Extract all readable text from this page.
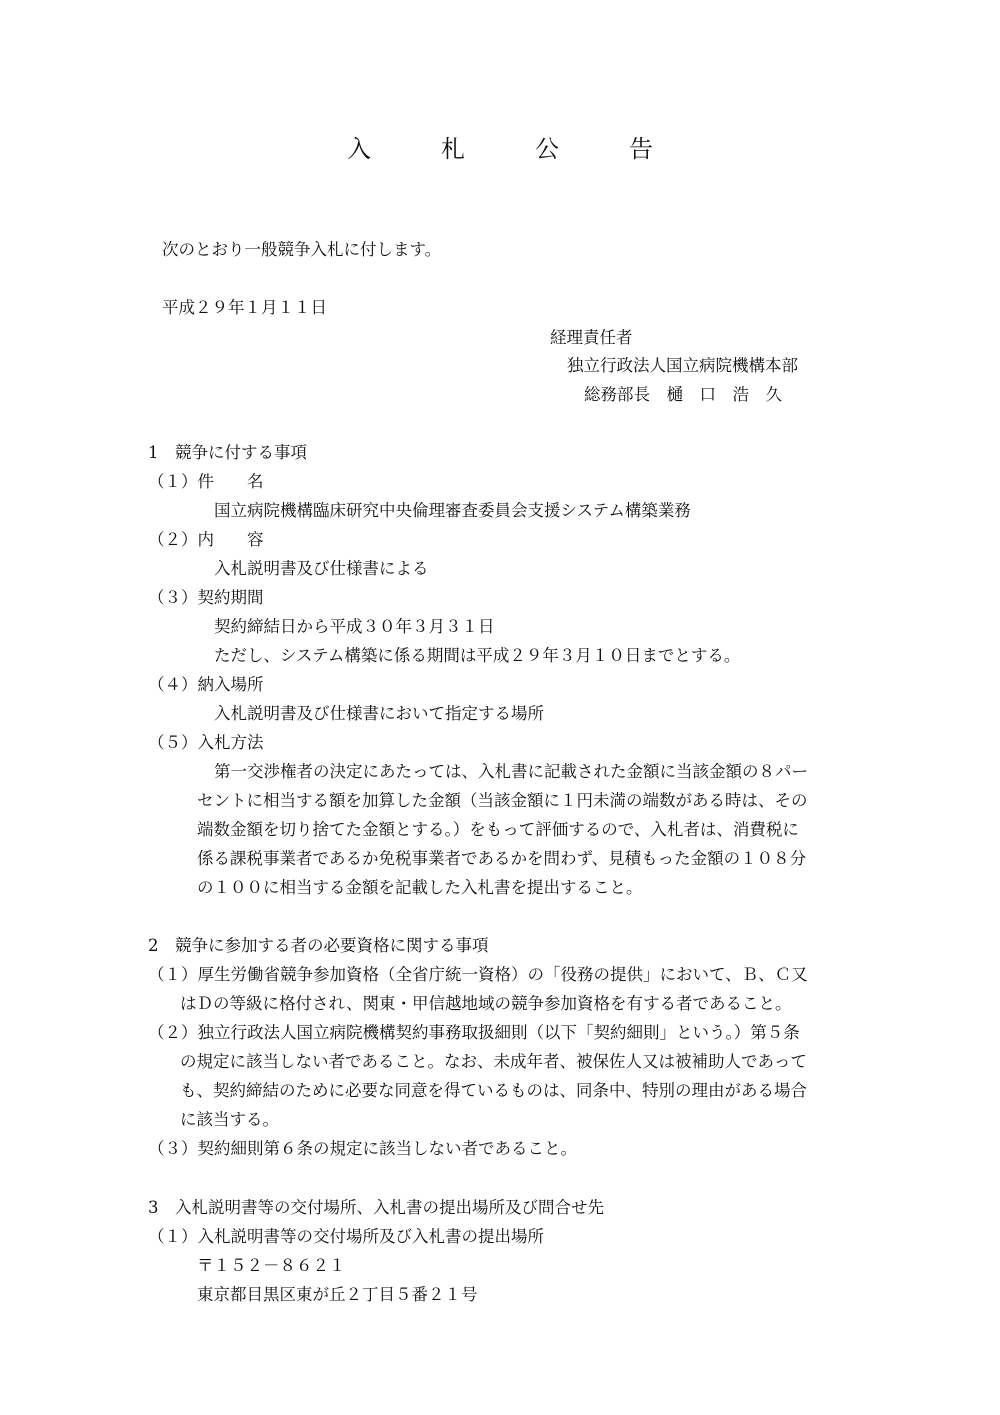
入　札　公　告
次のとおり一般競争入札に付します。
平成２９年１月１１日
経理責任者
独立行政法人国立病院機構本部
総務部長　樋　口　浩　久
1　競争に付する事項
（１）件　　名
国立病院機構臨床研究中央倫理審査委員会支援システム構築業務
（２）内　　容
入札説明書及び仕様書による
（３）契約期間
契約締結日から平成３０年３月３１日
ただし、システム構築に係る期間は平成２９年３月１０日までとする。
（４）納入場所
入札説明書及び仕様書において指定する場所
（５）入札方法
第一交渉権者の決定にあたっては、入札書に記載された金額に当該金額の８パー
セントに相当する額を加算した金額（当該金額に１円未満の端数がある時は、その
端数金額を切り捨てた金額とする。）をもって評価するので、入札者は、消費税に
係る課税事業者であるか免税事業者であるかを問わず、見積もった金額の１０８分
の１００に相当する金額を記載した入札書を提出すること。
2　競争に参加する者の必要資格に関する事項
（１）厚生労働省競争参加資格（全省庁統一資格）の「役務の提供」において、Ｂ、Ｃ又
はＤの等級に格付され、関東・甲信越地域の競争参加資格を有する者であること。
（２）独立行政法人国立病院機構契約事務取扱細則（以下「契約細則」という。）第５条
の規定に該当しない者であること。なお、未成年者、被保佐人又は被補助人であって
も、契約締結のために必要な同意を得ているものは、同条中、特別の理由がある場合
に該当する。
（３）契約細則第６条の規定に該当しない者であること。
3　入札説明書等の交付場所、入札書の提出場所及び問合せ先
（１）入札説明書等の交付場所及び入札書の提出場所
〒１５２－８６２１
東京都目黒区東が丘２丁目５番２１号
